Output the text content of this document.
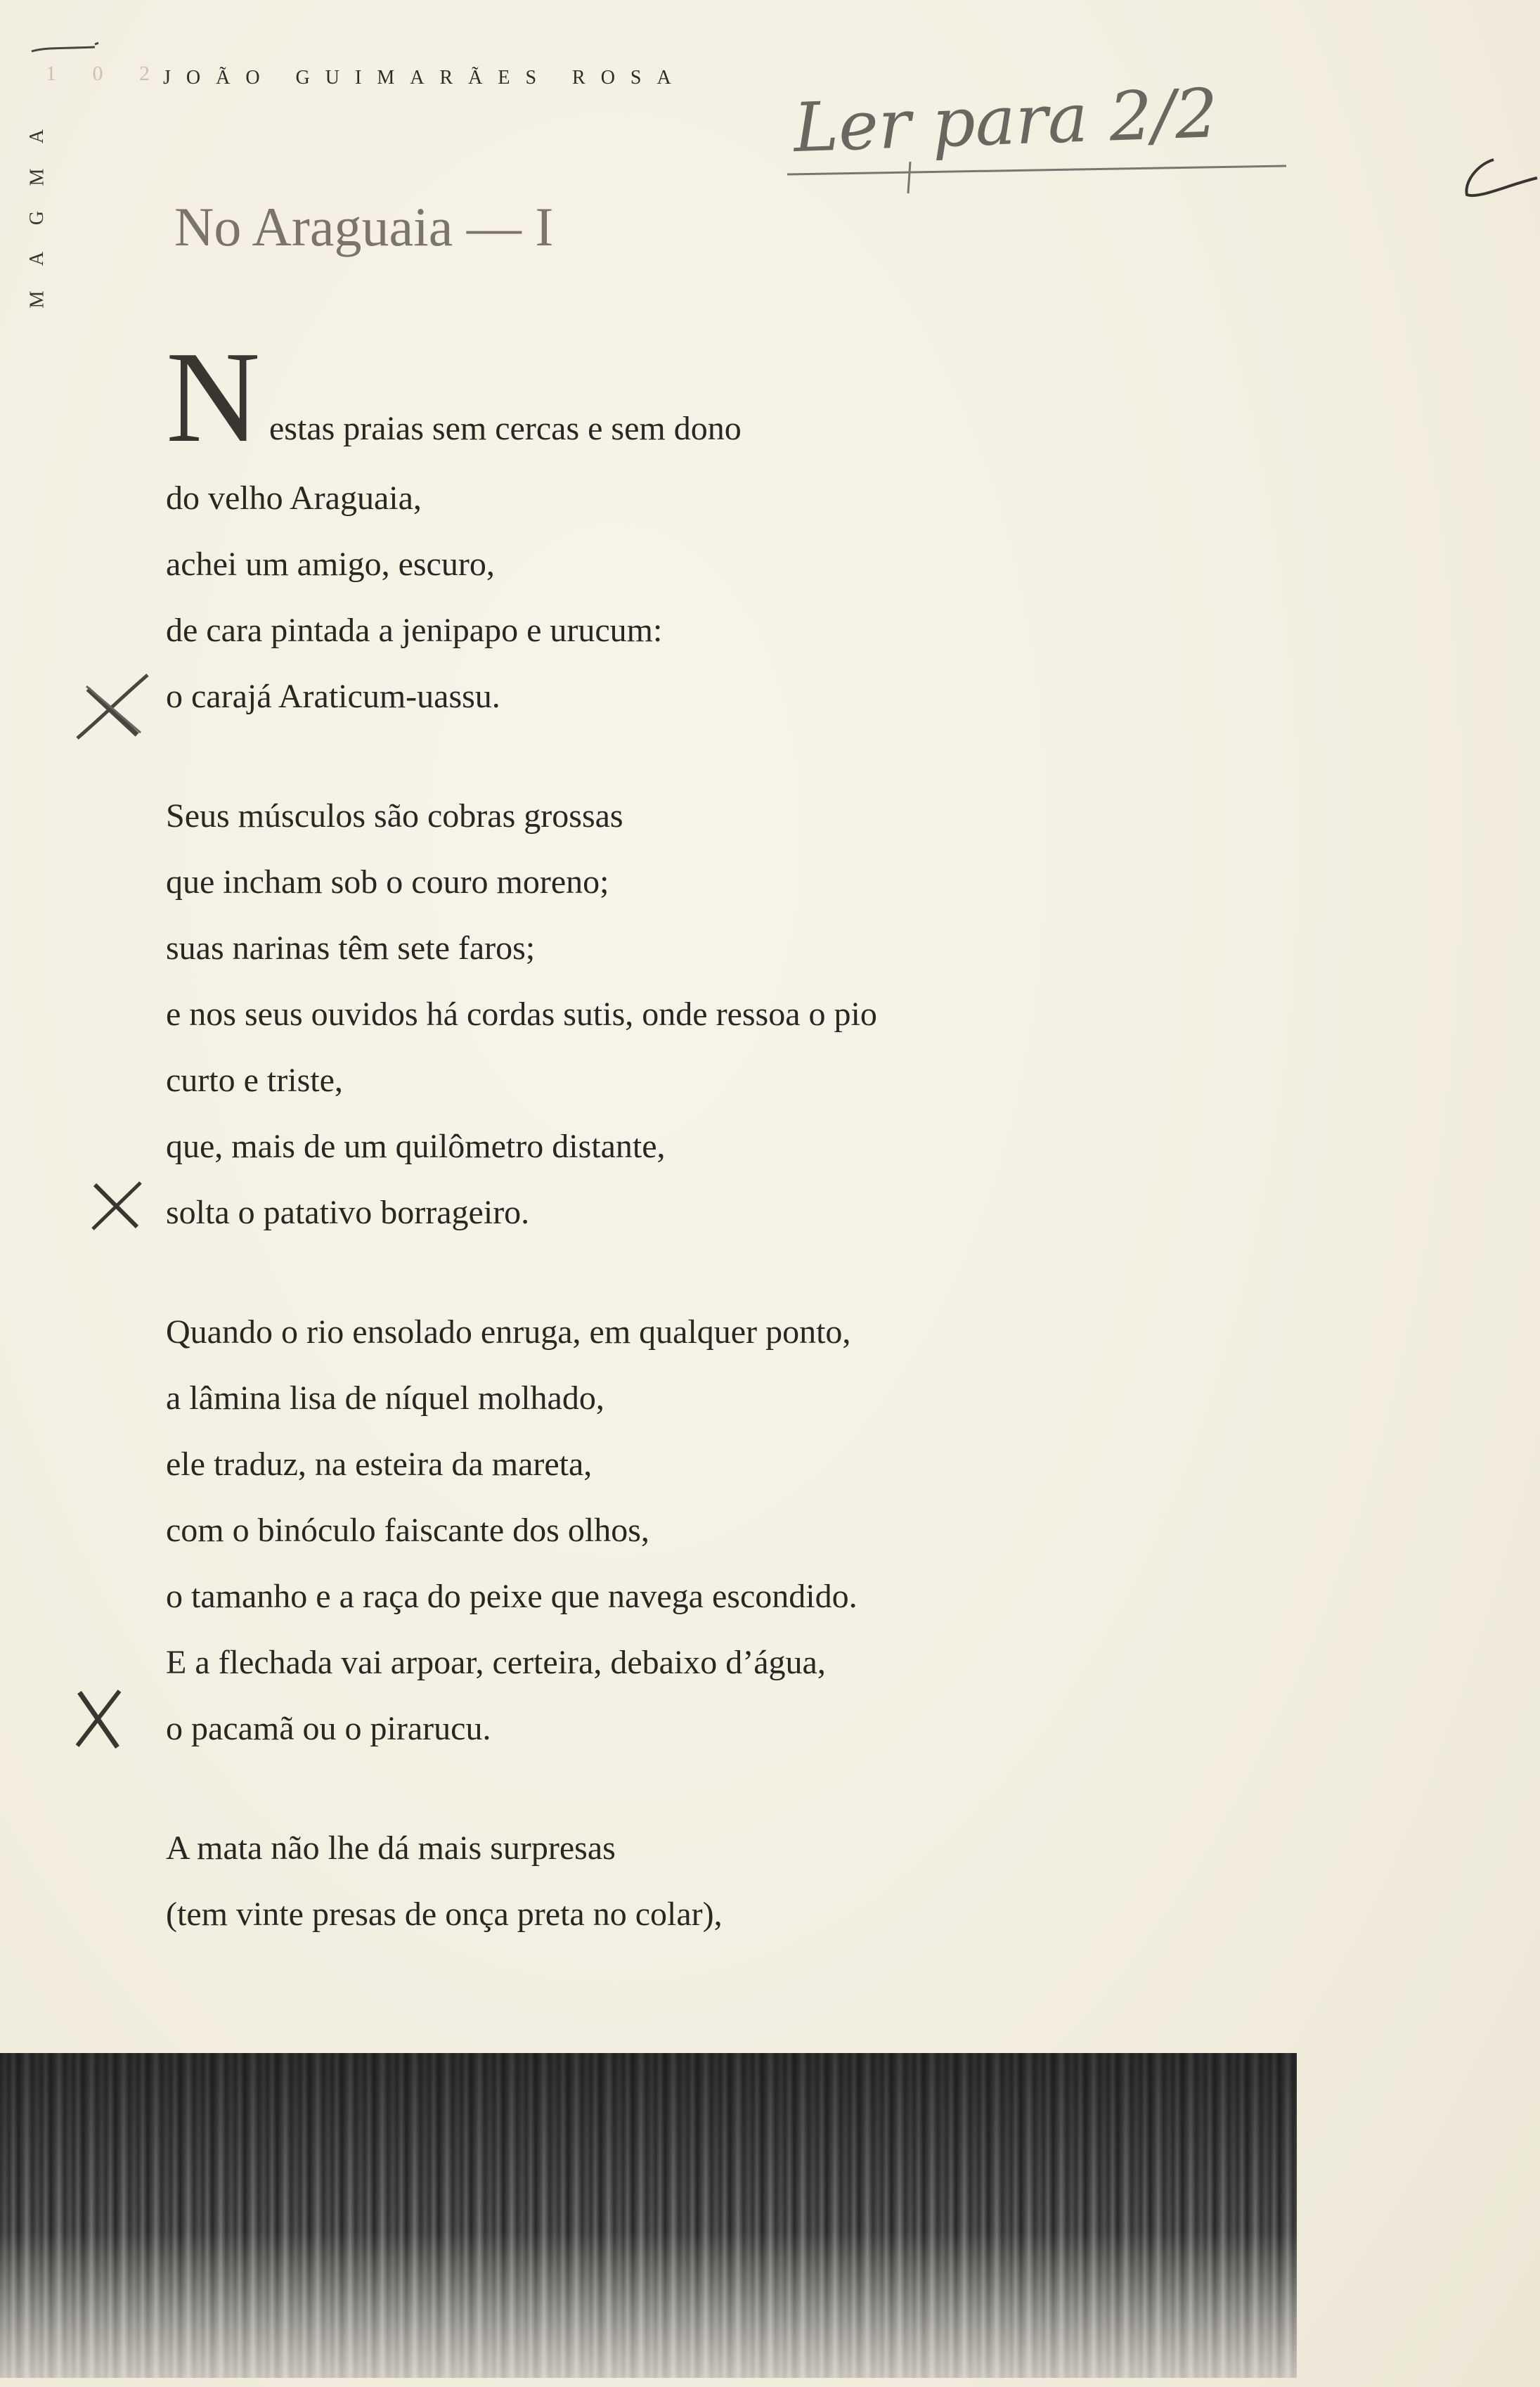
1 0 2
JOÃO GUIMARÃES ROSA
A
M
G
A
M
Ler para 2/2
No Araguaia — I
N estas praias sem cercas e sem dono
do velho Araguaia,
achei um amigo, escuro,
de cara pintada a jenipapo e urucum:
o carajá Araticum-uassu.
Seus músculos são cobras grossas
que incham sob o couro moreno;
suas narinas têm sete faros;
e nos seus ouvidos há cordas sutis, onde ressoa o pio
curto e triste,
que, mais de um quilômetro distante,
solta o patativo borrageiro.
Quando o rio ensolado enruga, em qualquer ponto,
a lâmina lisa de níquel molhado,
ele traduz, na esteira da mareta,
com o binóculo faiscante dos olhos,
o tamanho e a raça do peixe que navega escondido.
E a flechada vai arpoar, certeira, debaixo d’água,
o pacamã ou o pirarucu.
A mata não lhe dá mais surpresas
(tem vinte presas de onça preta no colar),
